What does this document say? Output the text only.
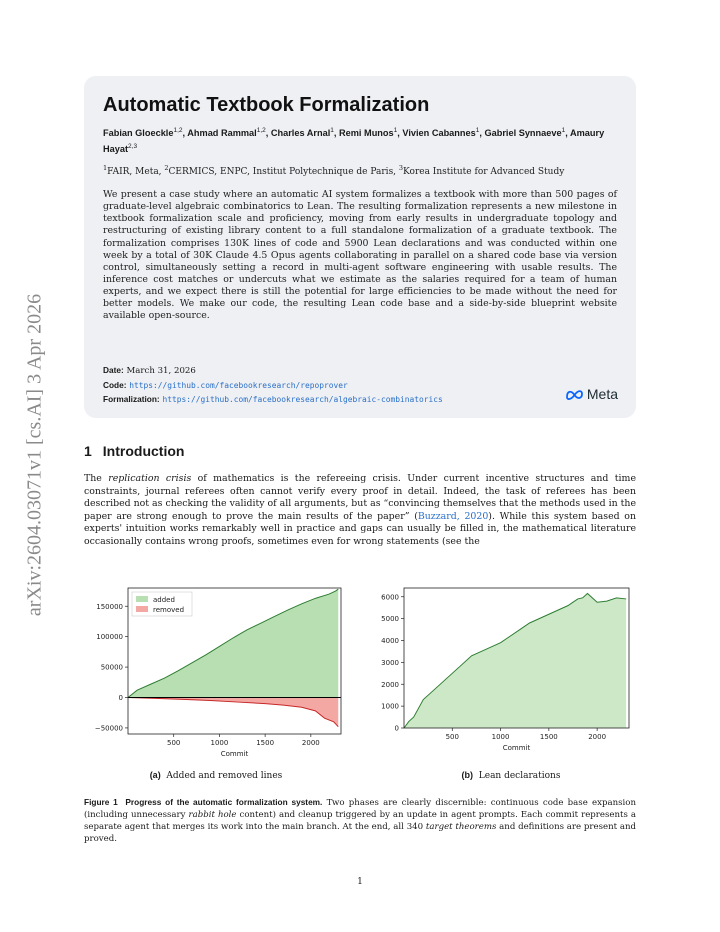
arXiv:2604.03071v1 [cs.AI] 3 Apr 2026
Automatic Textbook Formalization
Fabian Gloeckle$^{1,2}$, Ahmad Rammal$^{1,2}$, Charles Arnal$^1$, Remi Munos$^1$, Vivien Cabannes$^1$, Gabriel Synnaeve$^1$, Amaury Hayat$^{2,3}$
$^1$FAIR, Meta, $^2$CERMICS, ENPC, Institut Polytechnique de Paris, $^3$Korea Institute for Advanced Study
We present a case study where an automatic AI system formalizes a textbook with more than 500 pages of graduate-level algebraic combinatorics to Lean. The resulting formalization represents a new milestone in textbook formalization scale and proficiency, moving from early results in undergraduate topology and restructuring of existing library content to a full standalone formalization of a graduate textbook. The formalization comprises 130K lines of code and 5900 Lean declarations and was conducted within one week by a total of 30K Claude 4.5 Opus agents collaborating in parallel on a shared code base via version control, simultaneously setting a record in multi-agent software engineering with usable results. The inference cost matches or undercuts what we estimate as the salaries required for a team of human experts, and we expect there is still the potential for large efficiencies to be made without the need for better models. We make our code, the resulting Lean code base and a side-by-side blueprint website available open-source.
Date: March 31, 2026
Code: https://github.com/facebookresearch/repoprover
Formalization: https://github.com/facebookresearch/algebraic-combinatorics	Meta
1 Introduction
The replication crisis of mathematics is the refereeing crisis. Under current incentive structures and time constraints, journal referees often cannot verify every proof in detail. Indeed, the task of referees has been described not as checking the validity of all arguments, but as “convincing themselves that the methods used in the paper are strong enough to prove the main results of the paper” (Buzzard, 2020). While this system based on experts' intuition works remarkably well in practice and gaps can usually be filled in, the mathematical literature occasionally contains wrong proofs, sometimes even for wrong statements (see the
500	1000	1500	2000
−50000
0
50000
100000
150000
Commit
added
removed
500	1000	1500	2000
0
1000
2000
3000
4000
5000
6000
Commit
(a) Added and removed lines	(b) Lean declarations
Figure 1 Progress of the automatic formalization system. Two phases are clearly discernible: continuous code base expansion (including unnecessary rabbit hole content) and cleanup triggered by an update in agent prompts. Each commit represents a separate agent that merges its work into the main branch. At the end, all 340 target theorems and definitions are present and proved.
1
